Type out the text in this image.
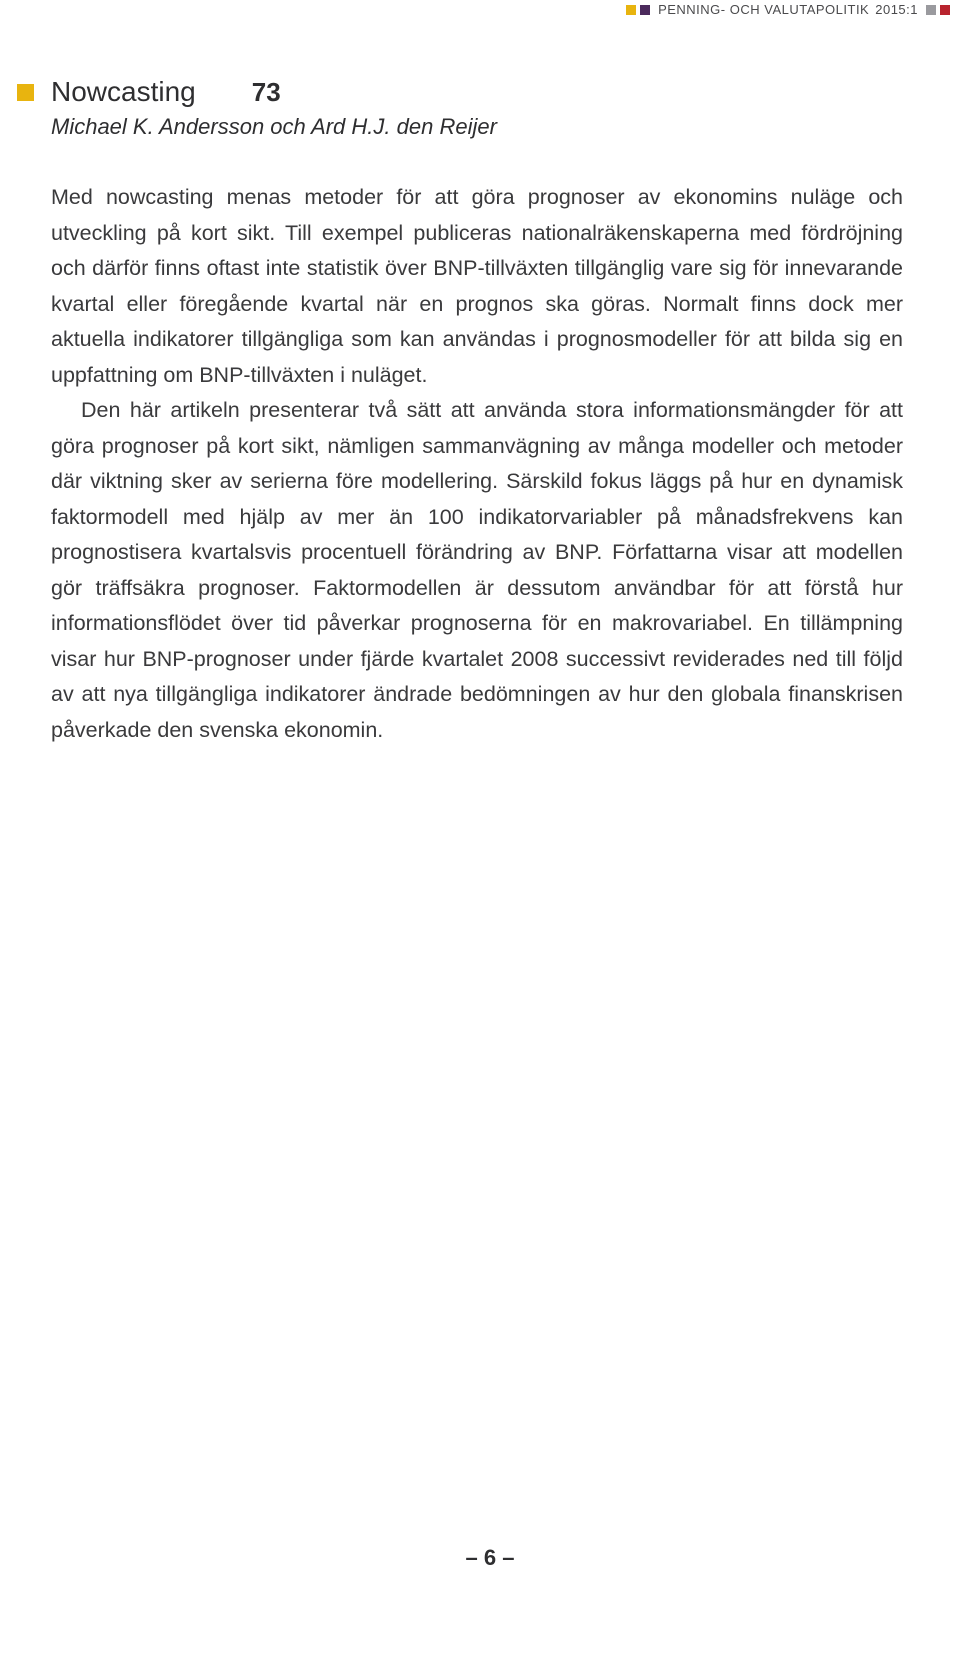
PENNING- OCH VALUTAPOLITIK 2015:1
Nowcasting 73
Michael K. Andersson och Ard H.J. den Reijer

Med nowcasting menas metoder för att göra prognoser av ekonomins nuläge och utveckling på kort sikt. Till exempel publiceras nationalräkenskaperna med fördröjning och därför finns oftast inte statistik över BNP-tillväxten tillgänglig vare sig för innevarande kvartal eller föregående kvartal när en prognos ska göras. Normalt finns dock mer aktuella indikatorer tillgängliga som kan användas i prognosmodeller för att bilda sig en uppfattning om BNP-tillväxten i nuläget.

Den här artikeln presenterar två sätt att använda stora informationsmängder för att göra prognoser på kort sikt, nämligen sammanvägning av många modeller och metoder där viktning sker av serierna före modellering. Särskild fokus läggs på hur en dynamisk faktormodell med hjälp av mer än 100 indikatorvariabler på månadsfrekvens kan prognostisera kvartalsvis procentuell förändring av BNP. Författarna visar att modellen gör träffsäkra prognoser. Faktormodellen är dessutom användbar för att förstå hur informationsflödet över tid påverkar prognoserna för en makrovariabel. En tillämpning visar hur BNP-prognoser under fjärde kvartalet 2008 successivt reviderades ned till följd av att nya tillgängliga indikatorer ändrade bedömningen av hur den globala finanskrisen påverkade den svenska ekonomin.

– 6 –
